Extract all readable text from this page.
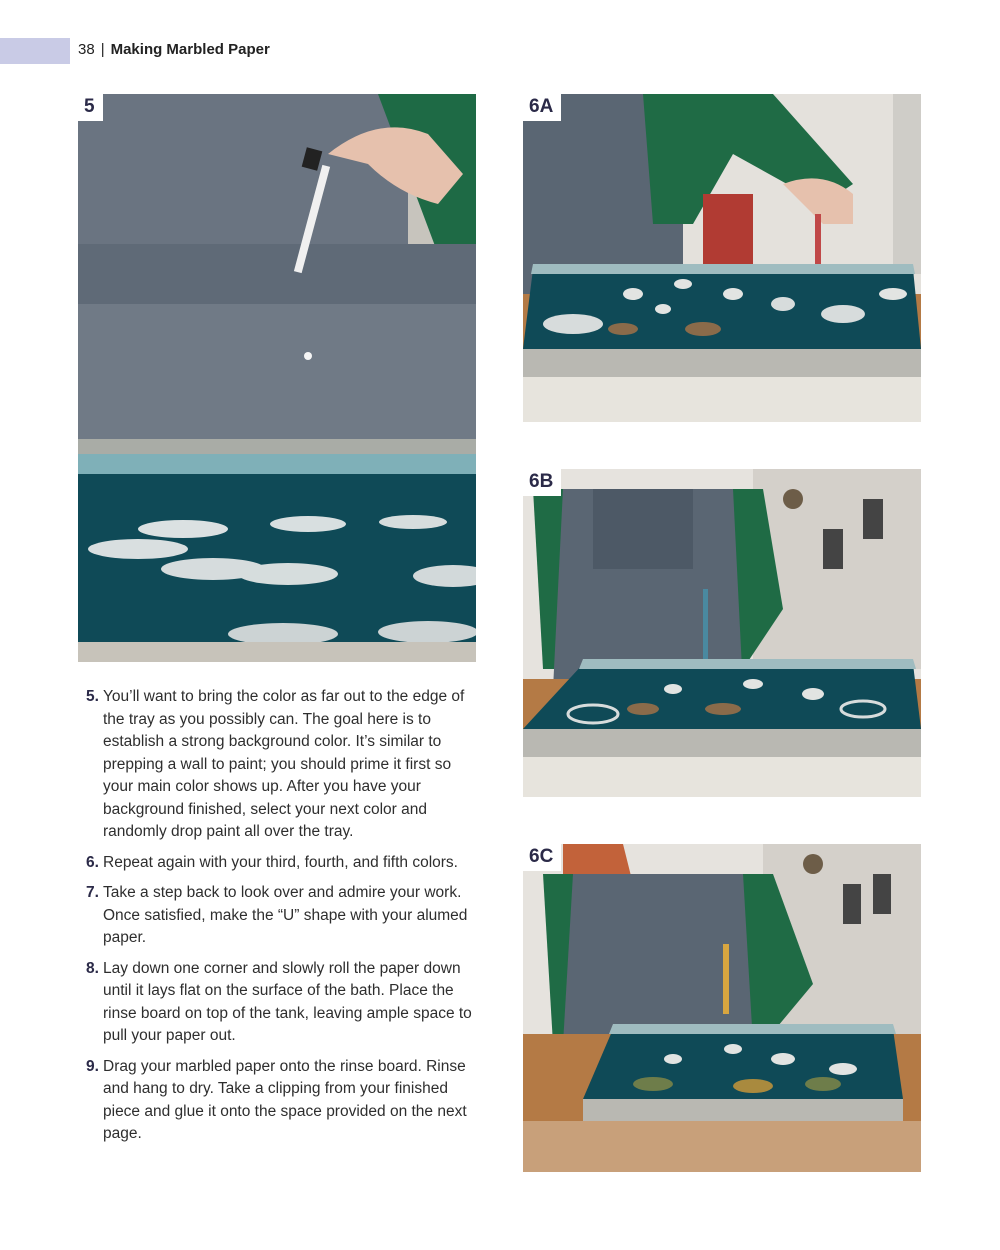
38 | Making Marbled Paper
5	6A
6B
6C
5. You’ll want to bring the color as far out to the edge of the tray as you possibly can. The goal here is to establish a strong background color. It’s similar to prepping a wall to paint; you should prime it first so your main color shows up. After you have your background finished, select your next color and randomly drop paint all over the tray.
6. Repeat again with your third, fourth, and fifth colors.
7. Take a step back to look over and admire your work. Once satisfied, make the “U” shape with your alumed paper.
8. Lay down one corner and slowly roll the paper down until it lays flat on the surface of the bath. Place the rinse board on top of the tank, leaving ample space to pull your paper out.
9. Drag your marbled paper onto the rinse board. Rinse and hang to dry. Take a clipping from your finished piece and glue it onto the space provided on the next page.
